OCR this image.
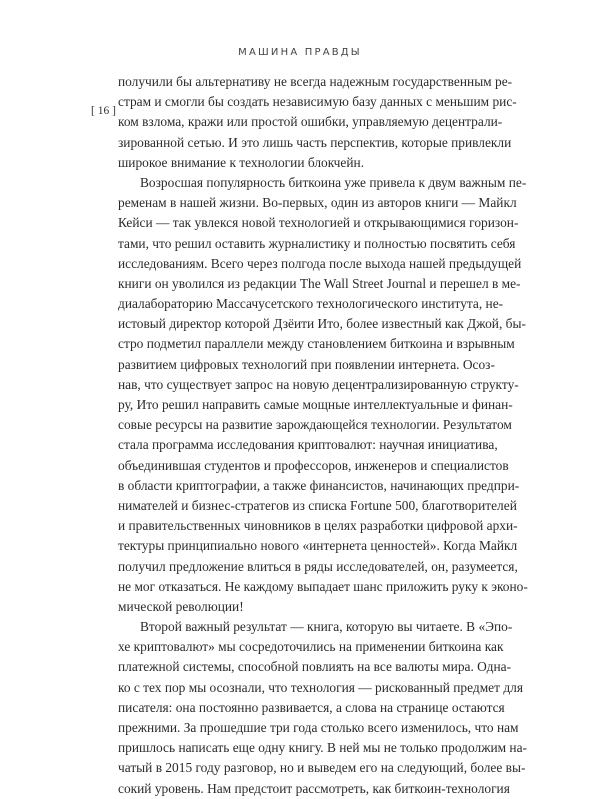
МАШИНА ПРАВДЫ
[ 16 ]
получили бы альтернативу не всегда надежным государственным ре-
страм и смогли бы создать независимую базу данных с меньшим рис-
ком взлома, кражи или простой ошибки, управляемую децентрали-
зированной сетью. И это лишь часть перспектив, которые привлекли
широкое внимание к технологии блокчейн.
Возросшая популярность биткоина уже привела к двум важным пе-
ременам в нашей жизни. Во-первых, один из авторов книги — Майкл
Кейси — так увлекся новой технологией и открывающимися горизон-
тами, что решил оставить журналистику и полностью посвятить себя
исследованиям. Всего через полгода после выхода нашей предыдущей
книги он уволился из редакции The Wall Street Journal и перешел в ме-
диалабораторию Массачусетского технологического института, не-
истовый директор которой Дзёити Ито, более известный как Джой, бы-
стро подметил параллели между становлением биткоина и взрывным
развитием цифровых технологий при появлении интернета. Осоз-
нав, что существует запрос на новую децентрализированную структу-
ру, Ито решил направить самые мощные интеллектуальные и финан-
совые ресурсы на развитие зарождающейся технологии. Результатом
стала программа исследования криптовалют: научная инициатива,
объединившая студентов и профессоров, инженеров и специалистов
в области криптографии, а также финансистов, начинающих предпри-
нимателей и бизнес-стратегов из списка Fortune 500, благотворителей
и правительственных чиновников в целях разработки цифровой архи-
тектуры принципиально нового «интернета ценностей». Когда Майкл
получил предложение влиться в ряды исследователей, он, разумеется,
не мог отказаться. Не каждому выпадает шанс приложить руку к эконо-
мической революции!
Второй важный результат — книга, которую вы читаете. В «Эпо-
хе криптовалют» мы сосредоточились на применении биткоина как
платежной системы, способной повлиять на все валюты мира. Одна-
ко с тех пор мы осознали, что технология — рискованный предмет для
писателя: она постоянно развивается, а слова на странице остаются
прежними. За прошедшие три года столько всего изменилось, что нам
пришлось написать еще одну книгу. В ней мы не только продолжим на-
чатый в 2015 году разговор, но и выведем его на следующий, более вы-
сокий уровень. Нам предстоит рассмотреть, как биткоин-технология
